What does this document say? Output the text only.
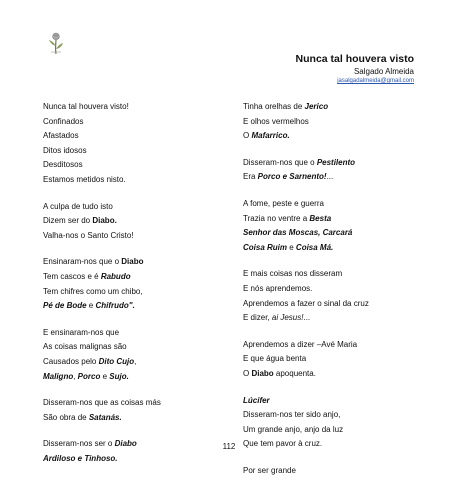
Nunca tal houvera visto
Salgado Almeida
jasalgadalmeida@gmail.com
Nunca tal houvera visto!
Confinados
Afastados
Ditos idosos
Desditosos
Estamos metidos nisto.
A culpa de tudo isto
Dizem ser do Diabo.
Valha-nos o Santo Cristo!
Ensinaram-nos que o Diabo
Tem cascos e é Rabudo
Tem chifres como um chibo,
Pé de Bode e Chifrudo".
E ensinaram-nos que
As coisas malignas são
Causados pelo Dito Cujo,
Maligno, Porco e Sujo.
Disseram-nos que as coisas más
São obra de Satanás.
Disseram-nos ser o Diabo
Ardiloso e Tinhoso.
Tinha orelhas de Jerico
E olhos vermelhos
O Mafarrico.
Disseram-nos que o Pestilento
Era Porco e Sarnento!...
A fome, peste e guerra
Trazia no ventre a Besta
Senhor das Moscas, Carcará
Coisa Ruim e Coisa Má.
E mais coisas nos disseram
E nós aprendemos.
Aprendemos a fazer o sinal da cruz
E dizer, ai Jesus!...
Aprendemos a dizer –Avé Maria
E que água benta
O Diabo apoquenta.
Lúcifer
Disseram-nos ter sido anjo,
Um grande anjo, anjo da luz
Que tem pavor à cruz.
Por ser grande
112
